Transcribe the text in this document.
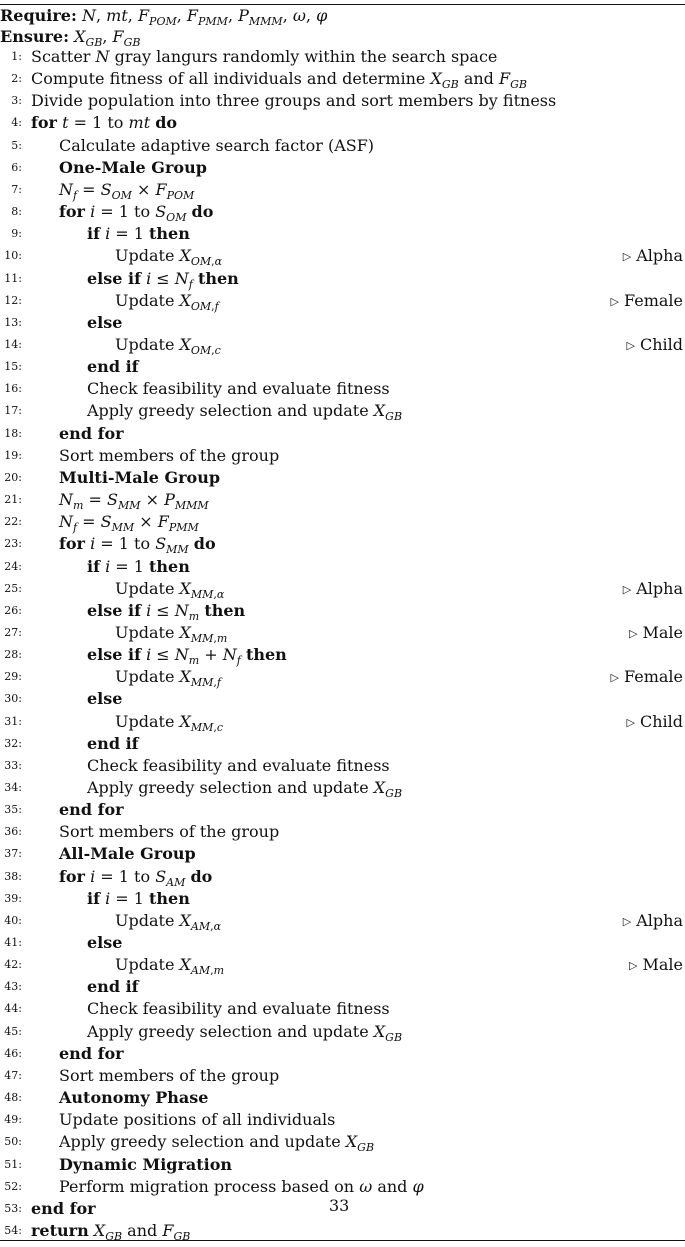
Require: N, mt, $F_{POM}$, $F_{PMM}$, $P_{MMM}$, ω, φ
Ensure: $X_{GB}$, $F_{GB}$
1: Scatter N gray langurs randomly within the search space
2: Compute fitness of all individuals and determine $X_{GB}$ and $F_{GB}$
3: Divide population into three groups and sort members by fitness
4: for t = 1 to mt do
5: Calculate adaptive search factor (ASF)
6: One-Male Group
7: $N_f = S_{OM} \times F_{POM}$
8: for i = 1 to $S_{OM}$ do
9:	if i = 1 then
10:	Update $X_{OM,\alpha}$	▷ Alpha
11:	else if $i \le N_f$ then
12:	Update $X_{OM,f}$	▷ Female
13:	else
14:	Update $X_{OM,c}$	▷ Child
15:	end if
16:	Check feasibility and evaluate fitness
17:	Apply greedy selection and update $X_{GB}$
18: end for
19: Sort members of the group
20: Multi-Male Group
21: $N_m = S_{MM} \times P_{MMM}$
22: $N_f = S_{MM} \times F_{PMM}$
23: for i = 1 to $S_{MM}$ do
24:	if i = 1 then
25:	Update $X_{MM,\alpha}$	▷ Alpha
26:	else if $i \le N_m$ then
27:	Update $X_{MM,m}$	▷ Male
28:	else if $i \le N_m + N_f$ then
29:	Update $X_{MM,f}$	▷ Female
30:	else
31:	Update $X_{MM,c}$	▷ Child
32:	end if
33:	Check feasibility and evaluate fitness
34:	Apply greedy selection and update $X_{GB}$
35: end for
36: Sort members of the group
37: All-Male Group
38: for i = 1 to $S_{AM}$ do
39:	if i = 1 then
40:	Update $X_{AM,\alpha}$	▷ Alpha
41:	else
42:	Update $X_{AM,m}$	▷ Male
43:	end if
44:	Check feasibility and evaluate fitness
45:	Apply greedy selection and update $X_{GB}$
46: end for
47: Sort members of the group
48: Autonomy Phase
49: Update positions of all individuals
50: Apply greedy selection and update $X_{GB}$
51: Dynamic Migration
52: Perform migration process based on ω and φ
53: end for
54: return $X_{GB}$ and $F_{GB}$
33
